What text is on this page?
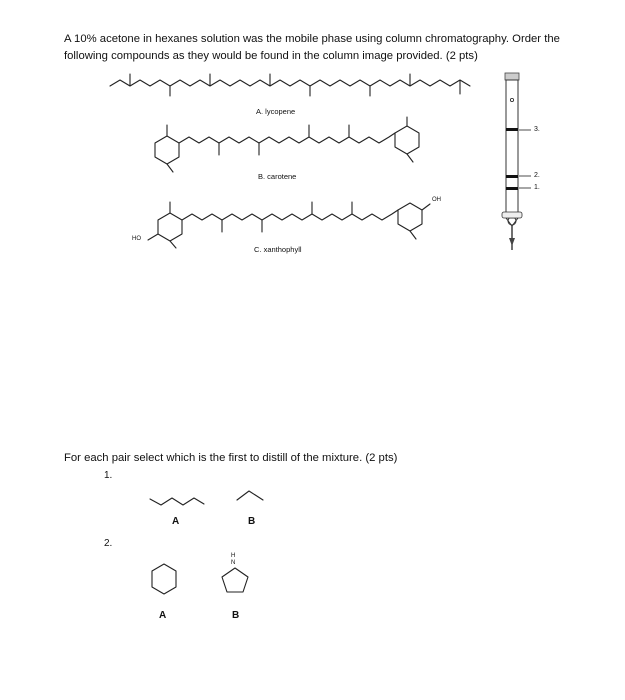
A 10% acetone in hexanes solution was the mobile phase using column chromatography. Order the following compounds as they would be found in the column image provided. (2 pts)
A. lycopene
B. carotene
HO
OH
C. xanthophyll
3.
2.
1.
For each pair select which is the first to distill of the mixture. (2 pts)
1.
A	B
2.
A
H
N
B
